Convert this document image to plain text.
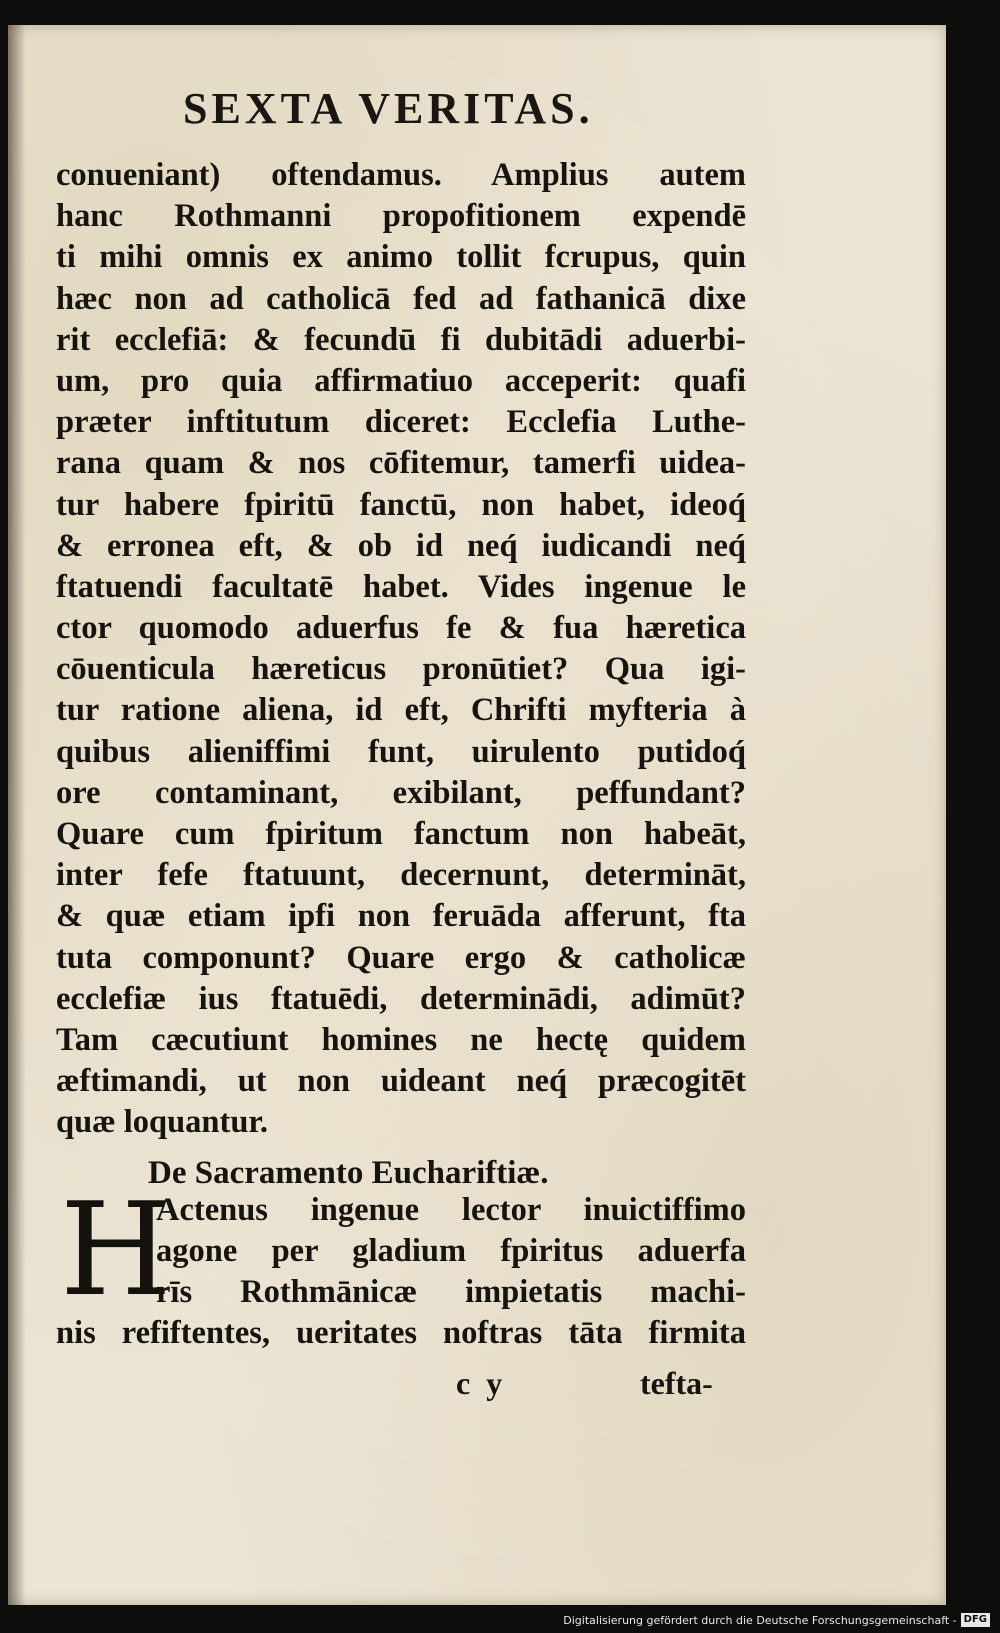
SEXTA VERITAS.
conueniant) oftendamus. Amplius autem
hanc Rothmanni propofitionem expendē
ti mihi omnis ex animo tollit fcrupus, quin
hæc non ad catholicā fed ad fathanicā dixe
rit ecclefiā: & fecundū fi dubitādi aduerbi-
um, pro quia affirmatiuo acceperit: quafi
præter inftitutum diceret: Ecclefia Luthe-
rana quam & nos cōfitemur, tamerfi uidea-
tur habere fpiritū fanctū, non habet, ideoq́
& erronea eft, & ob id neq́ iudicandi neq́
ftatuendi facultatē habet. Vides ingenue le
ctor quomodo aduerfus fe & fua hæretica
cōuenticula hæreticus pronūtiet? Qua igi-
tur ratione aliena, id eft, Chrifti myfteria à
quibus alieniffimi funt, uirulento putidoq́
ore contaminant, exibilant, peffundant?
Quare cum fpiritum fanctum non habeāt,
inter fefe ftatuunt, decernunt, determināt,
& quæ etiam ipfi non feruāda afferunt, fta
tuta componunt? Quare ergo & catholicæ
ecclefiæ ius ftatuēdi, determinādi, adimūt?
Tam cæcutiunt homines ne hectę quidem
æftimandi, ut non uideant neq́ præcogitēt
quæ loquantur.
De Sacramento Euchariftiæ.
H
Actenus ingenue lector inuictiffimo
agone per gladium fpiritus aduerfa
rīs Rothmānicæ impietatis machi-
nis refiftentes, ueritates noftras tāta firmita
c  y	tefta-
Digitalisierung gefördert durch die Deutsche Forschungsgemeinschaft - DFG
